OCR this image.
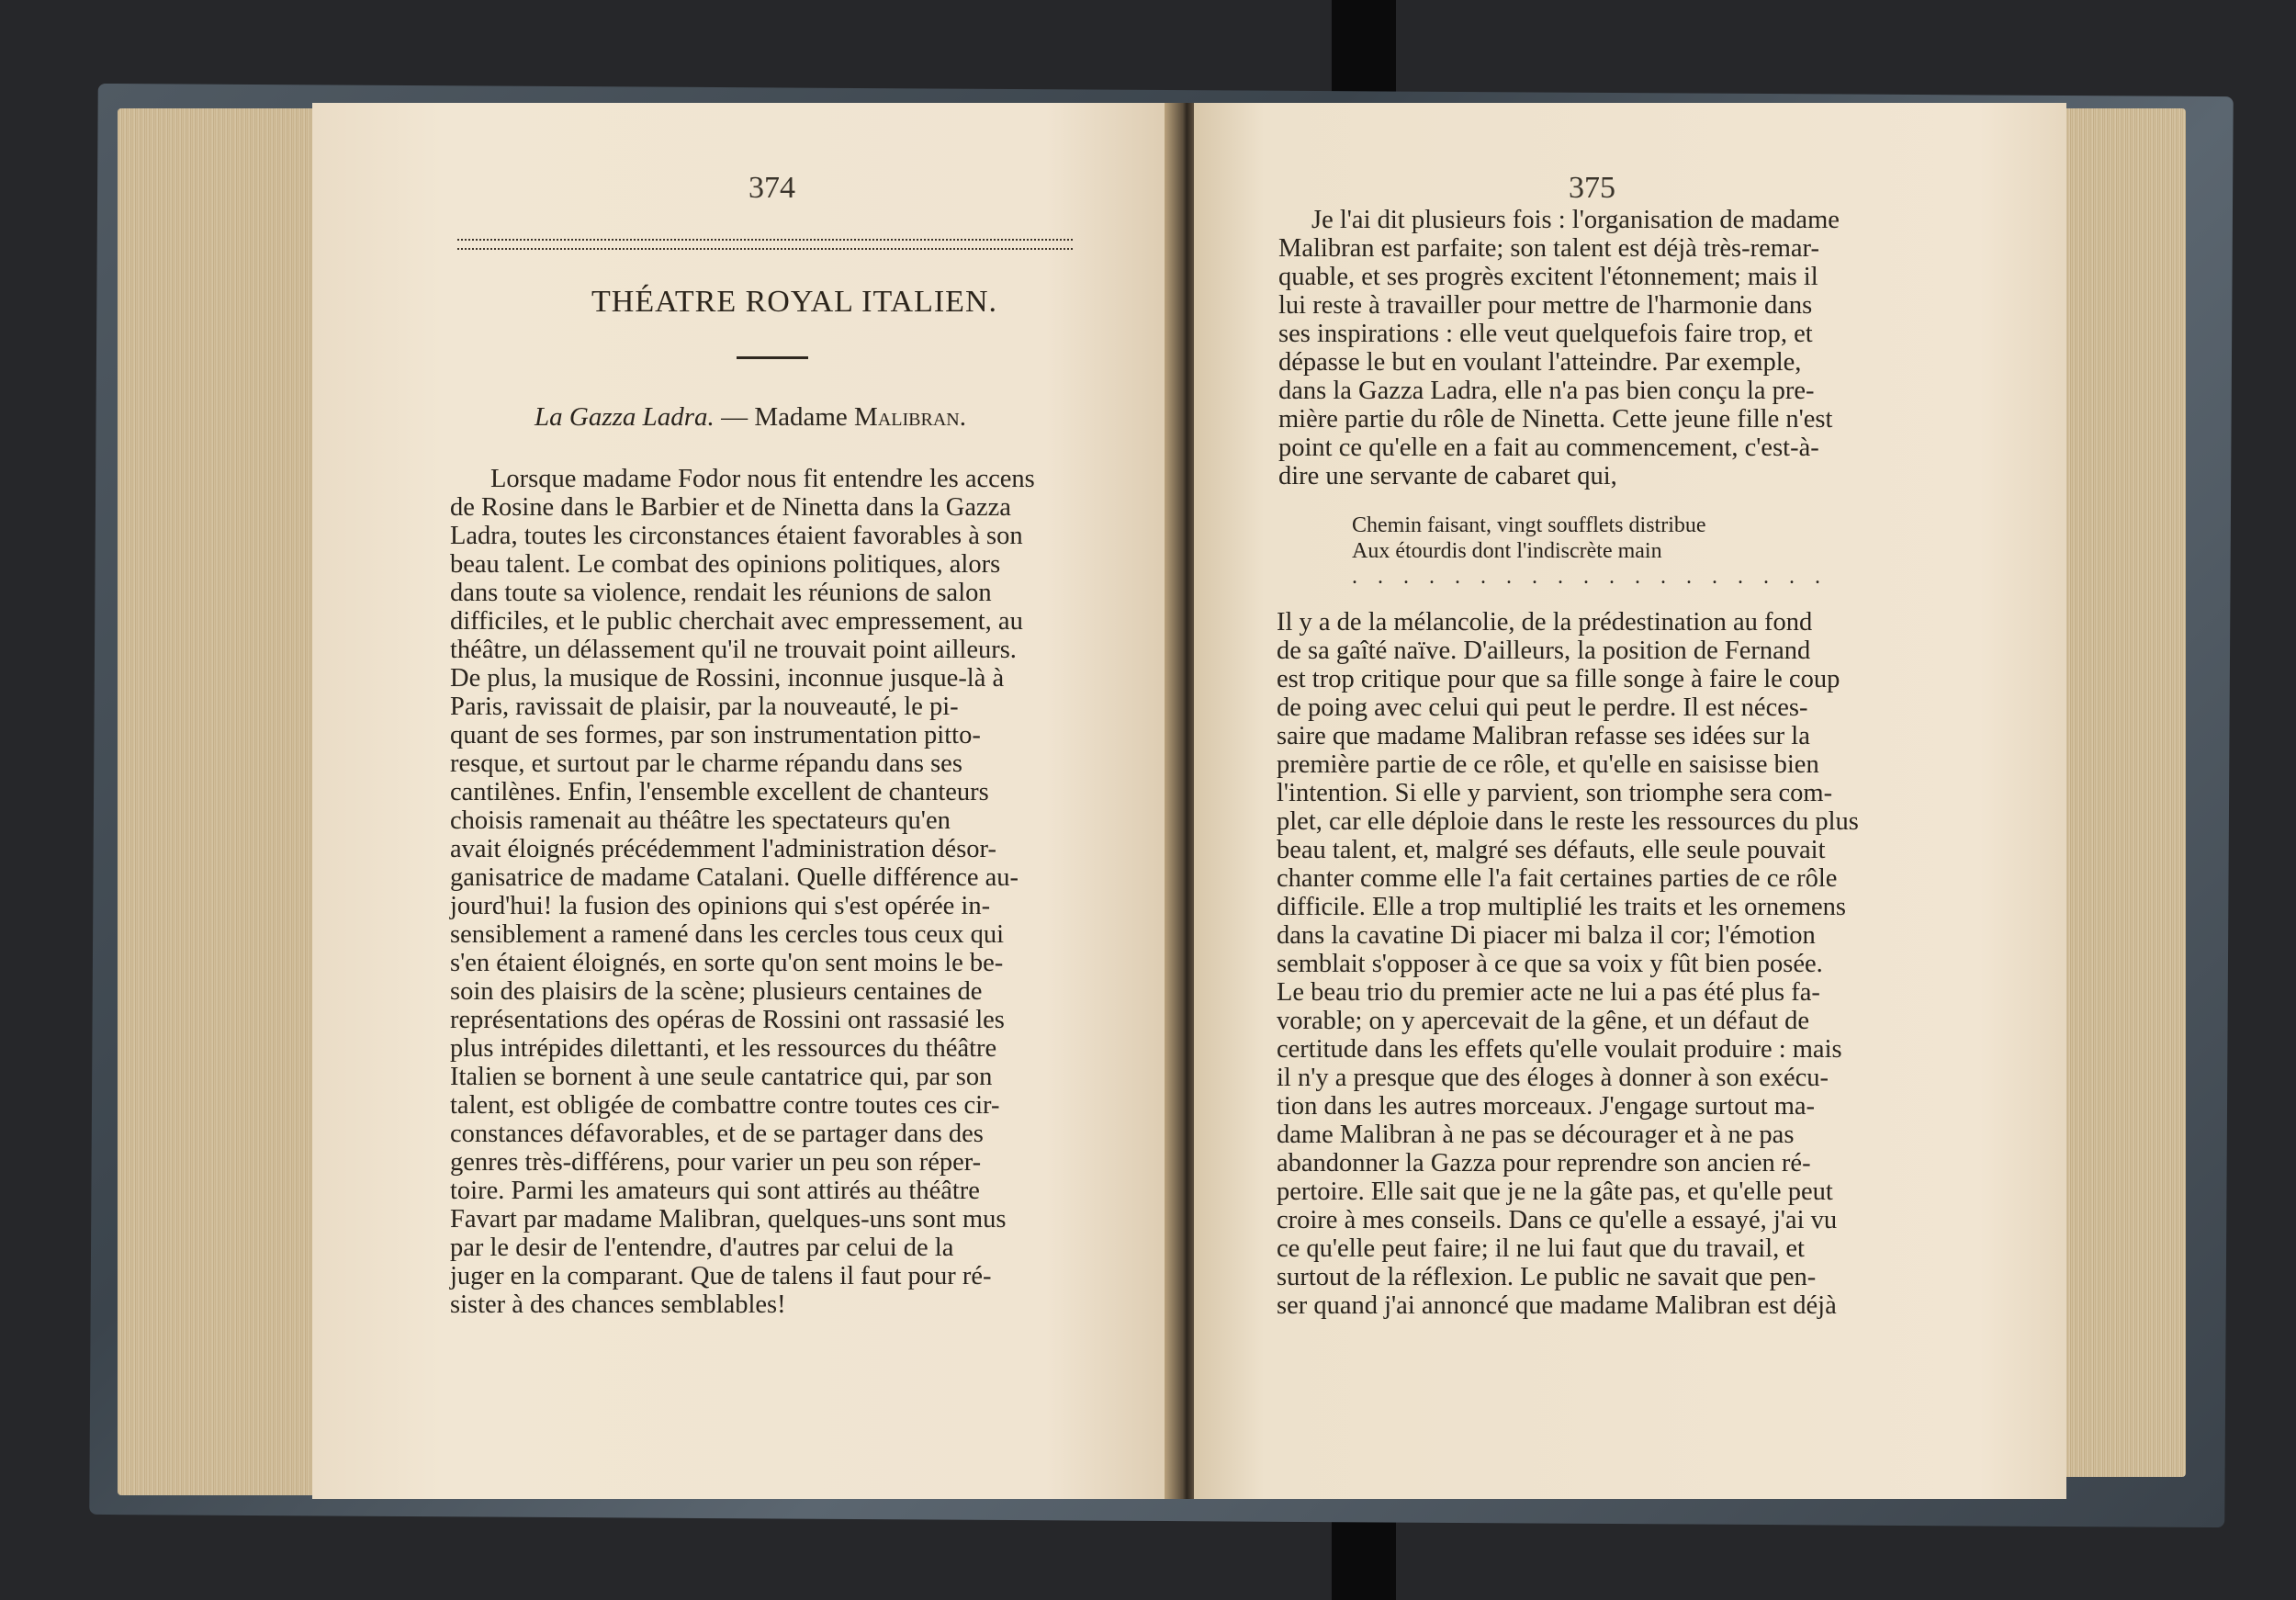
374
THÉATRE ROYAL ITALIEN.
La Gazza Ladra. — Madame Malibran.
Lorsque madame Fodor nous fit entendre les accens
de Rosine dans le Barbier et de Ninetta dans la Gazza
Ladra, toutes les circonstances étaient favorables à son
beau talent. Le combat des opinions politiques, alors
dans toute sa violence, rendait les réunions de salon
difficiles, et le public cherchait avec empressement, au
théâtre, un délassement qu'il ne trouvait point ailleurs.
De plus, la musique de Rossini, inconnue jusque-là à
Paris, ravissait de plaisir, par la nouveauté, le pi-
quant de ses formes, par son instrumentation pitto-
resque, et surtout par le charme répandu dans ses
cantilènes. Enfin, l'ensemble excellent de chanteurs
choisis ramenait au théâtre les spectateurs qu'en
avait éloignés précédemment l'administration désor-
ganisatrice de madame Catalani. Quelle différence au-
jourd'hui! la fusion des opinions qui s'est opérée in-
sensiblement a ramené dans les cercles tous ceux qui
s'en étaient éloignés, en sorte qu'on sent moins le be-
soin des plaisirs de la scène; plusieurs centaines de
représentations des opéras de Rossini ont rassasié les
plus intrépides dilettanti, et les ressources du théâtre
Italien se bornent à une seule cantatrice qui, par son
talent, est obligée de combattre contre toutes ces cir-
constances défavorables, et de se partager dans des
genres très-différens, pour varier un peu son réper-
toire. Parmi les amateurs qui sont attirés au théâtre
Favart par madame Malibran, quelques-uns sont mus
par le desir de l'entendre, d'autres par celui de la
juger en la comparant. Que de talens il faut pour ré-
sister à des chances semblables!
375
Je l'ai dit plusieurs fois : l'organisation de madame
Malibran est parfaite; son talent est déjà très-remar-
quable, et ses progrès excitent l'étonnement; mais il
lui reste à travailler pour mettre de l'harmonie dans
ses inspirations : elle veut quelquefois faire trop, et
dépasse le but en voulant l'atteindre. Par exemple,
dans la Gazza Ladra, elle n'a pas bien conçu la pre-
mière partie du rôle de Ninetta. Cette jeune fille n'est
point ce qu'elle en a fait au commencement, c'est-à-
dire une servante de cabaret qui,
Chemin faisant, vingt soufflets distribue
Aux étourdis dont l'indiscrète main
. . . . . . . . . . . . . . . . . . .
Il y a de la mélancolie, de la prédestination au fond
de sa gaîté naïve. D'ailleurs, la position de Fernand
est trop critique pour que sa fille songe à faire le coup
de poing avec celui qui peut le perdre. Il est néces-
saire que madame Malibran refasse ses idées sur la
première partie de ce rôle, et qu'elle en saisisse bien
l'intention. Si elle y parvient, son triomphe sera com-
plet, car elle déploie dans le reste les ressources du plus
beau talent, et, malgré ses défauts, elle seule pouvait
chanter comme elle l'a fait certaines parties de ce rôle
difficile. Elle a trop multiplié les traits et les ornemens
dans la cavatine Di piacer mi balza il cor; l'émotion
semblait s'opposer à ce que sa voix y fût bien posée.
Le beau trio du premier acte ne lui a pas été plus fa-
vorable; on y apercevait de la gêne, et un défaut de
certitude dans les effets qu'elle voulait produire : mais
il n'y a presque que des éloges à donner à son exécu-
tion dans les autres morceaux. J'engage surtout ma-
dame Malibran à ne pas se décourager et à ne pas
abandonner la Gazza pour reprendre son ancien ré-
pertoire. Elle sait que je ne la gâte pas, et qu'elle peut
croire à mes conseils. Dans ce qu'elle a essayé, j'ai vu
ce qu'elle peut faire; il ne lui faut que du travail, et
surtout de la réflexion. Le public ne savait que pen-
ser quand j'ai annoncé que madame Malibran est déjà
